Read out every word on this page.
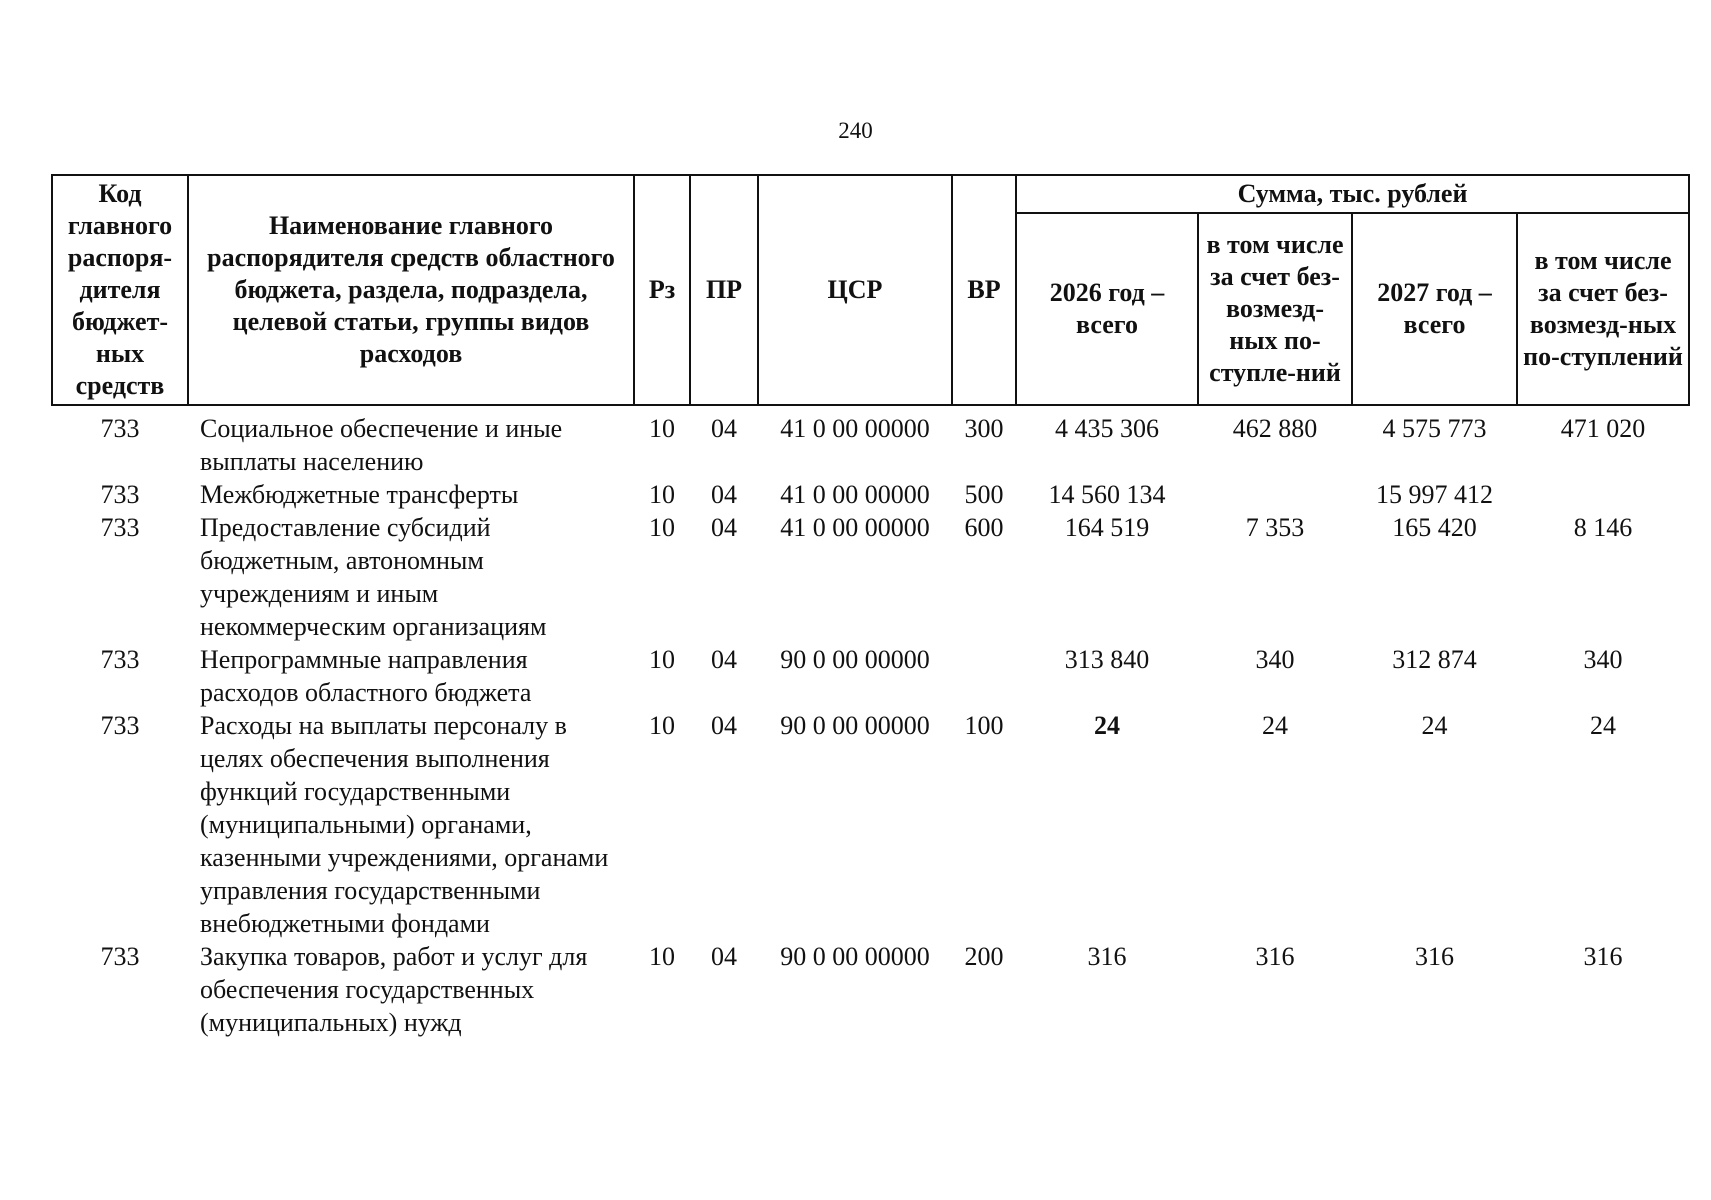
240
Код главного распоря-дителя бюджет-ных средств	Наименование главного распорядителя средств областного бюджета, раздела, подраздела, целевой статьи, группы видов расходов	Рз	ПР	ЦСР	ВР	Сумма, тыс. рублей			
						2026 год – всего	в том числе за счет без-возмезд-ных по-ступле-ний	2027 год – всего	в том числе за счет без-возмезд-ных по-ступлений
733	Социальное обеспечение и иные выплаты населению	10	04	41 0 00 00000	300	4 435 306	462 880	4 575 773	471 020
733	Межбюджетные трансферты	10	04	41 0 00 00000	500	14 560 134		15 997 412	
733	Предоставление субсидий бюджетным, автономным учреждениям и иным некоммерческим организациям	10	04	41 0 00 00000	600	164 519	7 353	165 420	8 146
733	Непрограммные направления расходов областного бюджета	10	04	90 0 00 00000		313 840	340	312 874	340
733	Расходы на выплаты персоналу в целях обеспечения выполнения функций государственными (муниципальными) органами, казенными учреждениями, органами управления государственными внебюджетными фондами	10	04	90 0 00 00000	100	24	24	24	24
733	Закупка товаров, работ и услуг для обеспечения государственных (муниципальных) нужд	10	04	90 0 00 00000	200	316	316	316	316
